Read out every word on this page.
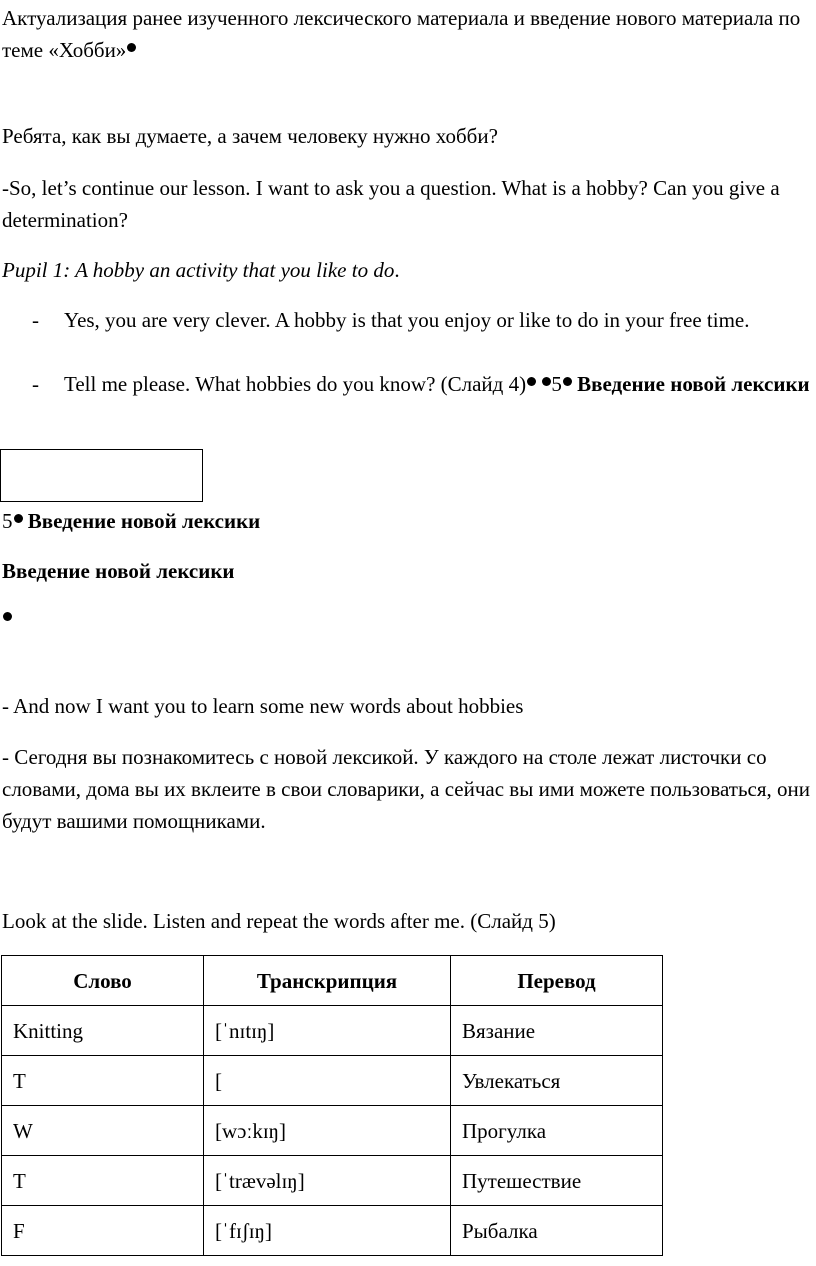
Актуализация ранее изученного лексического материала и введение нового материала по теме «Хобби»

Ребята, как вы думаете, а зачем человеку нужно хобби?

-So, let’s continue our lesson. I want to ask you a question. What is a hobby? Can you give a determination?

Pupil 1: A hobby an activity that you like to do.

- Yes, you are very clever. A hobby is that you enjoy or like to do in your free time.
- Tell me please. What hobbies do you know? (Слайд 4) 5 Введение новой лексики

5 Введение новой лексики

Введение новой лексики

- And now I want you to learn some new words about hobbies

- Сегодня вы познакомитесь с новой лексикой. У каждого на столе лежат листочки со словами, дома вы их вклеите в свои словарики, а сейчас вы ими можете пользоваться, они будут вашими помощниками.

Look at the slide. Listen and repeat the words after me. (Слайд 5)

Слово	Транскрипция	Перевод
Knitting	[ˈnɪtɪŋ]	Вязание
T	[	Увлекаться
W	[wɔːkɪŋ]	Прогулка
T	[ˈtrævəlɪŋ]	Путешествие
F	[ˈfɪʃɪŋ]	Рыбалка
